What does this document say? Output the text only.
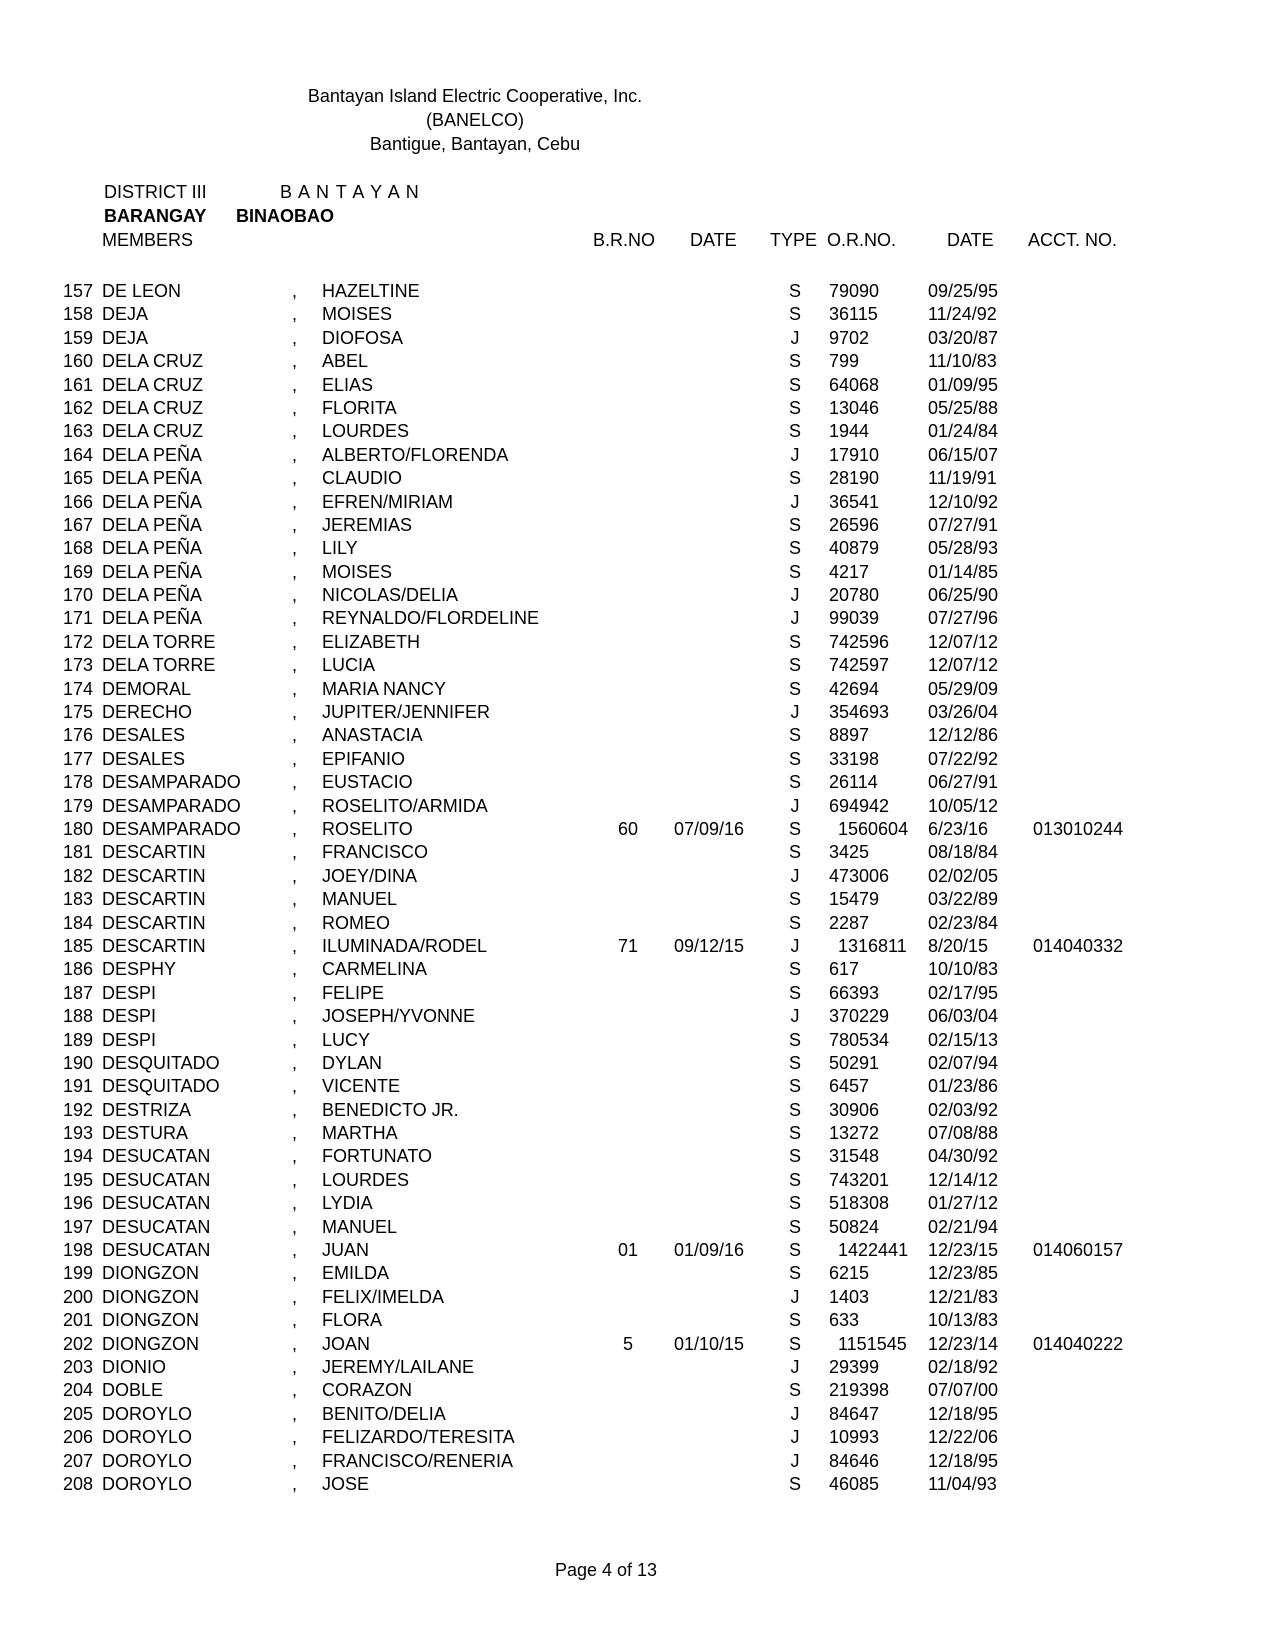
Bantayan Island Electric Cooperative, Inc.
(BANELCO)
Bantigue, Bantayan, Cebu
DISTRICT III	B A N T A Y A N
BARANGAY BINAOBAO
MEMBERS	B.R.NO DATE TYPE O.R.NO.	DATE ACCT. NO.
157 DE LEON	, HAZELTINE	S	79090	09/25/95
158 DEJA	, MOISES	S	36115	11/24/92
159 DEJA	, DIOFOSA	J	9702	03/20/87
160 DELA CRUZ	, ABEL	S	799	11/10/83
161 DELA CRUZ	, ELIAS	S	64068	01/09/95
162 DELA CRUZ	, FLORITA	S	13046	05/25/88
163 DELA CRUZ	, LOURDES	S	1944	01/24/84
164 DELA PEÑA	, ALBERTO/FLORENDA	J	17910	06/15/07
165 DELA PEÑA	, CLAUDIO	S	28190	11/19/91
166 DELA PEÑA	, EFREN/MIRIAM	J	36541	12/10/92
167 DELA PEÑA	, JEREMIAS	S	26596	07/27/91
168 DELA PEÑA	, LILY	S	40879	05/28/93
169 DELA PEÑA	, MOISES	S	4217	01/14/85
170 DELA PEÑA	, NICOLAS/DELIA	J	20780	06/25/90
171 DELA PEÑA	, REYNALDO/FLORDELINE	J	99039	07/27/96
172 DELA TORRE	, ELIZABETH	S	742596 12/07/12
173 DELA TORRE	, LUCIA	S	742597 12/07/12
174 DEMORAL	, MARIA NANCY	S	42694	05/29/09
175 DERECHO	, JUPITER/JENNIFER	J	354693 03/26/04
176 DESALES	, ANASTACIA	S	8897	12/12/86
177 DESALES	, EPIFANIO	S	33198	07/22/92
178 DESAMPARADO	, EUSTACIO	S	26114	06/27/91
179 DESAMPARADO	, ROSELITO/ARMIDA	J	694942 10/05/12
180 DESAMPARADO	, ROSELITO	60	07/09/16	S	1560604 6/23/16 013010244
181 DESCARTIN	, FRANCISCO	S	3425	08/18/84
182 DESCARTIN	, JOEY/DINA	J	473006 02/02/05
183 DESCARTIN	, MANUEL	S	15479	03/22/89
184 DESCARTIN	, ROMEO	S	2287	02/23/84
185 DESCARTIN	, ILUMINADA/RODEL	71	09/12/15	J	1316811 8/20/15 014040332
186 DESPHY	, CARMELINA	S	617	10/10/83
187 DESPI	, FELIPE	S	66393	02/17/95
188 DESPI	, JOSEPH/YVONNE	J	370229 06/03/04
189 DESPI	, LUCY	S	780534 02/15/13
190 DESQUITADO	, DYLAN	S	50291	02/07/94
191 DESQUITADO	, VICENTE	S	6457	01/23/86
192 DESTRIZA	, BENEDICTO JR.	S	30906	02/03/92
193 DESTURA	, MARTHA	S	13272	07/08/88
194 DESUCATAN	, FORTUNATO	S	31548	04/30/92
195 DESUCATAN	, LOURDES	S	743201 12/14/12
196 DESUCATAN	, LYDIA	S	518308 01/27/12
197 DESUCATAN	, MANUEL	S	50824	02/21/94
198 DESUCATAN	, JUAN	01	01/09/16	S	1422441 12/23/15 014060157
199 DIONGZON	, EMILDA	S	6215	12/23/85
200 DIONGZON	, FELIX/IMELDA	J	1403	12/21/83
201 DIONGZON	, FLORA	S	633	10/13/83
202 DIONGZON	, JOAN	5	01/10/15	S	1151545 12/23/14 014040222
203 DIONIO	, JEREMY/LAILANE	J	29399	02/18/92
204 DOBLE	, CORAZON	S	219398 07/07/00
205 DOROYLO	, BENITO/DELIA	J	84647	12/18/95
206 DOROYLO	, FELIZARDO/TERESITA	J	10993	12/22/06
207 DOROYLO	, FRANCISCO/RENERIA	J	84646	12/18/95
208 DOROYLO	, JOSE	S	46085	11/04/93
Page 4 of 13
